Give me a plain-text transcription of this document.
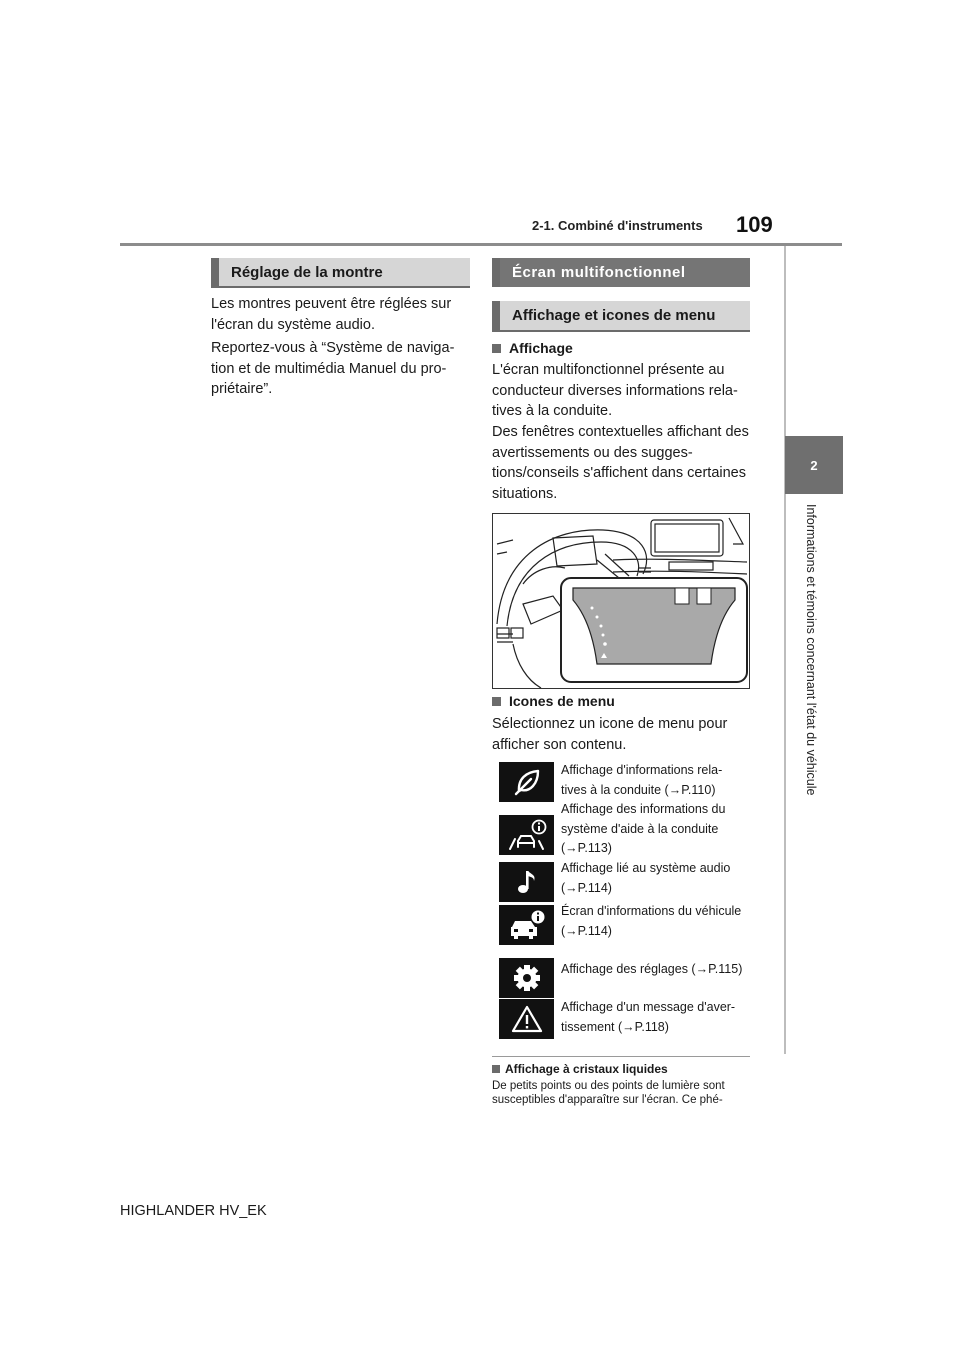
2-1. Combiné d'instruments 109
2
Informations et témoins concernant l'état du véhicule
Réglage de la montre

Les montres peuvent être réglées sur l'écran du système audio.

Reportez-vous à “Système de naviga-tion et de multimédia Manuel du pro-priétaire”.

Écran multifonctionnel
Affichage et icones de menu
Affichage

L'écran multifonctionnel présente au conducteur diverses informations rela-tives à la conduite.

Des fenêtres contextuelles affichant des avertissements ou des sugges-tions/conseils s'affichent dans certaines situations.

Icones de menu

Sélectionnez un icone de menu pour afficher son contenu.

Affichage d'informations rela-
tives à la conduite (→P.110)
Affichage des informations du
système d'aide à la conduite
(→P.113)
Affichage lié au système audio
(→P.114)
Écran d'informations du véhicule
(→P.114)
Affichage des réglages (→P.115)
Affichage d'un message d'aver-
tissement (→P.118)
Affichage à cristaux liquides

De petits points ou des points de lumière sont susceptibles d'apparaître sur l'écran. Ce phé-

HIGHLANDER HV_EK
